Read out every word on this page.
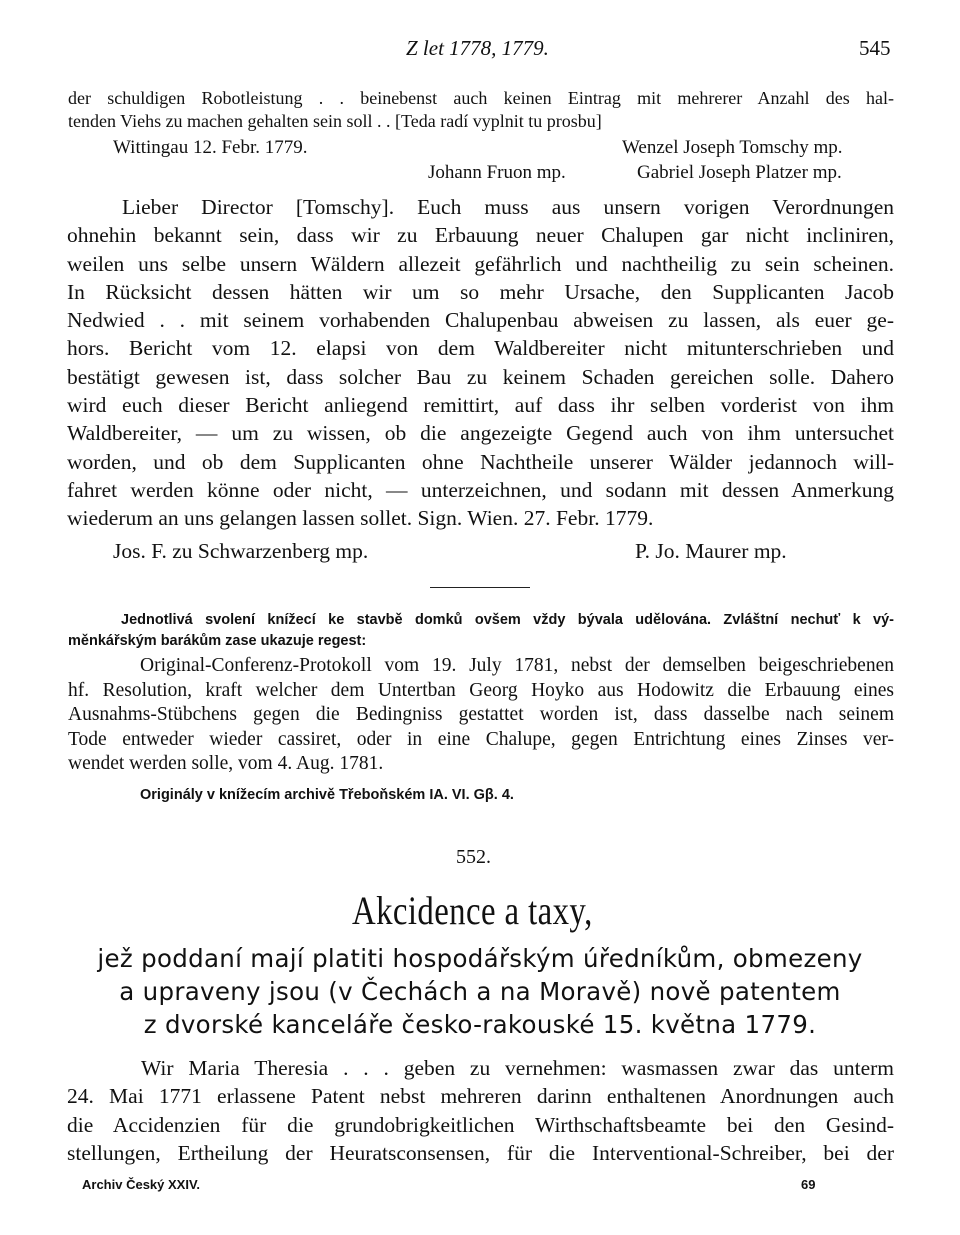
Z let 1778, 1779.	545
der schuldigen Robotleistung . . beinebenst auch keinen Eintrag mit mehrerer Anzahl des hal-
tenden Viehs zu machen gehalten sein soll . . [Teda radí vyplnit tu prosbu]
Wittingau 12. Febr. 1779.	Wenzel Joseph Tomschy mp.
Johann Fruon mp.	Gabriel Joseph Platzer mp.
Lieber Director [Tomschy]. Euch muss aus unsern vorigen Verordnungen
ohnehin bekannt sein, dass wir zu Erbauung neuer Chalupen gar nicht incliniren,
weilen uns selbe unsern Wäldern allezeit gefährlich und nachtheilig zu sein scheinen.
In Rücksicht dessen hätten wir um so mehr Ursache, den Supplicanten Jacob
Nedwied . . mit seinem vorhabenden Chalupenbau abweisen zu lassen, als euer ge-
hors. Bericht vom 12. elapsi von dem Waldbereiter nicht mitunterschrieben und
bestätigt gewesen ist, dass solcher Bau zu keinem Schaden gereichen solle. Dahero
wird euch dieser Bericht anliegend remittirt, auf dass ihr selben vorderist von ihm
Waldbereiter, — um zu wissen, ob die angezeigte Gegend auch von ihm untersuchet
worden, und ob dem Supplicanten ohne Nachtheile unserer Wälder jedannoch will-
fahret werden könne oder nicht, — unterzeichnen, und sodann mit dessen Anmerkung
wiederum an uns gelangen lassen sollet. Sign. Wien. 27. Febr. 1779.
Jos. F. zu Schwarzenberg mp.	P. Jo. Maurer mp.
Jednotlivá svolení knížecí ke stavbě domků ovšem vždy bývala udělována. Zvláštní nechuť k vý-
měnkářským barákům zase ukazuje regest:
Original-Conferenz-Protokoll vom 19. July 1781, nebst der demselben beigeschriebenen
hf. Resolution, kraft welcher dem Untertban Georg Hoyko aus Hodowitz die Erbauung eines
Ausnahms-Stübchens gegen die Bedingniss gestattet worden ist, dass dasselbe nach seinem
Tode entweder wieder cassiret, oder in eine Chalupe, gegen Entrichtung eines Zinses ver-
wendet werden solle, vom 4. Aug. 1781.
Originály v knížecím archivě Třeboňském IA. VI. Gβ. 4.
552.
Akcidence a taxy,
jež poddaní mají platiti hospodářským úředníkům, obmezeny
a upraveny jsou (v Čechách a na Moravě) nově patentem
z dvorské kanceláře česko-rakouské 15. května 1779.
Wir Maria Theresia . . . geben zu vernehmen: wasmassen zwar das unterm
24. Mai 1771 erlassene Patent nebst mehreren darinn enthaltenen Anordnungen auch
die Accidenzien für die grundobrigkeitlichen Wirthschaftsbeamte bei den Gesind-
stellungen, Ertheilung der Heuratsconsensen, für die Interventional-Schreiber, bei der
Archiv Český XXIV.	69
